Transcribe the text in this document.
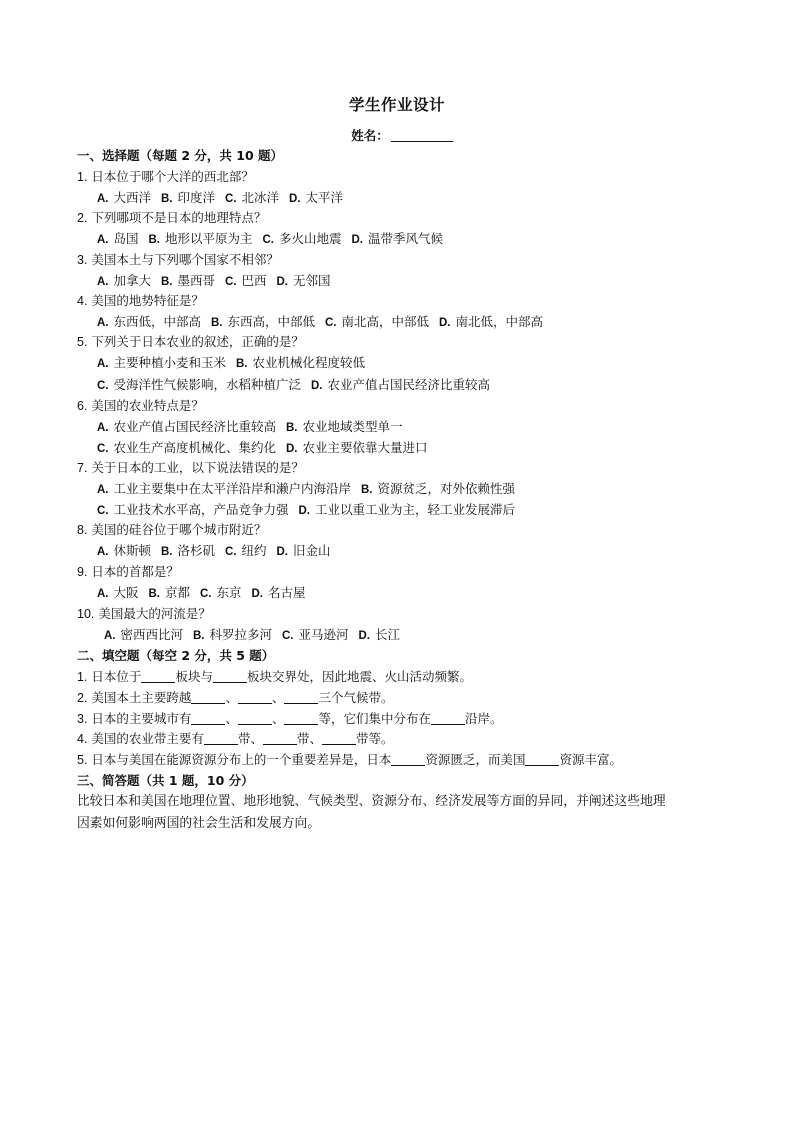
学生作业设计
姓名：
一、选择题（每题 2 分，共 10 题）
1. 日本位于哪个大洋的西北部？
A. 大西洋 B. 印度洋 C. 北冰洋 D. 太平洋
2. 下列哪项不是日本的地理特点？
A. 岛国 B. 地形以平原为主 C. 多火山地震 D. 温带季风气候
3. 美国本土与下列哪个国家不相邻？
A. 加拿大 B. 墨西哥 C. 巴西 D. 无邻国
4. 美国的地势特征是？
A. 东西低，中部高 B. 东西高，中部低 C. 南北高，中部低 D. 南北低，中部高
5. 下列关于日本农业的叙述，正确的是？
A. 主要种植小麦和玉米 B. 农业机械化程度较低
C. 受海洋性气候影响，水稻种植广泛 D. 农业产值占国民经济比重较高
6. 美国的农业特点是？
A. 农业产值占国民经济比重较高 B. 农业地域类型单一
C. 农业生产高度机械化、集约化 D. 农业主要依靠大量进口
7. 关于日本的工业，以下说法错误的是？
A. 工业主要集中在太平洋沿岸和濑户内海沿岸 B. 资源贫乏，对外依赖性强
C. 工业技术水平高，产品竞争力强 D. 工业以重工业为主，轻工业发展滞后
8. 美国的硅谷位于哪个城市附近？
A. 休斯顿 B. 洛杉矶 C. 纽约 D. 旧金山
9. 日本的首都是？
A. 大阪 B. 京都 C. 东京 D. 名古屋
10. 美国最大的河流是？
A. 密西西比河 B. 科罗拉多河 C. 亚马逊河 D. 长江
二、填空题（每空 2 分，共 5 题）
1. 日本位于	板块与	板块交界处，因此地震、火山活动频繁。
2. 美国本土主要跨越	、	、	三个气候带。
3. 日本的主要城市有	、	、	等，它们集中分布在	沿岸。
4. 美国的农业带主要有	带、	带、	带等。
5. 日本与美国在能源资源分布上的一个重要差异是，日本	资源匮乏，而美国	资源丰富。
三、简答题（共 1 题，10 分）
比较日本和美国在地理位置、地形地貌、气候类型、资源分布、经济发展等方面的异同，并阐述这些地理
因素如何影响两国的社会生活和发展方向。
